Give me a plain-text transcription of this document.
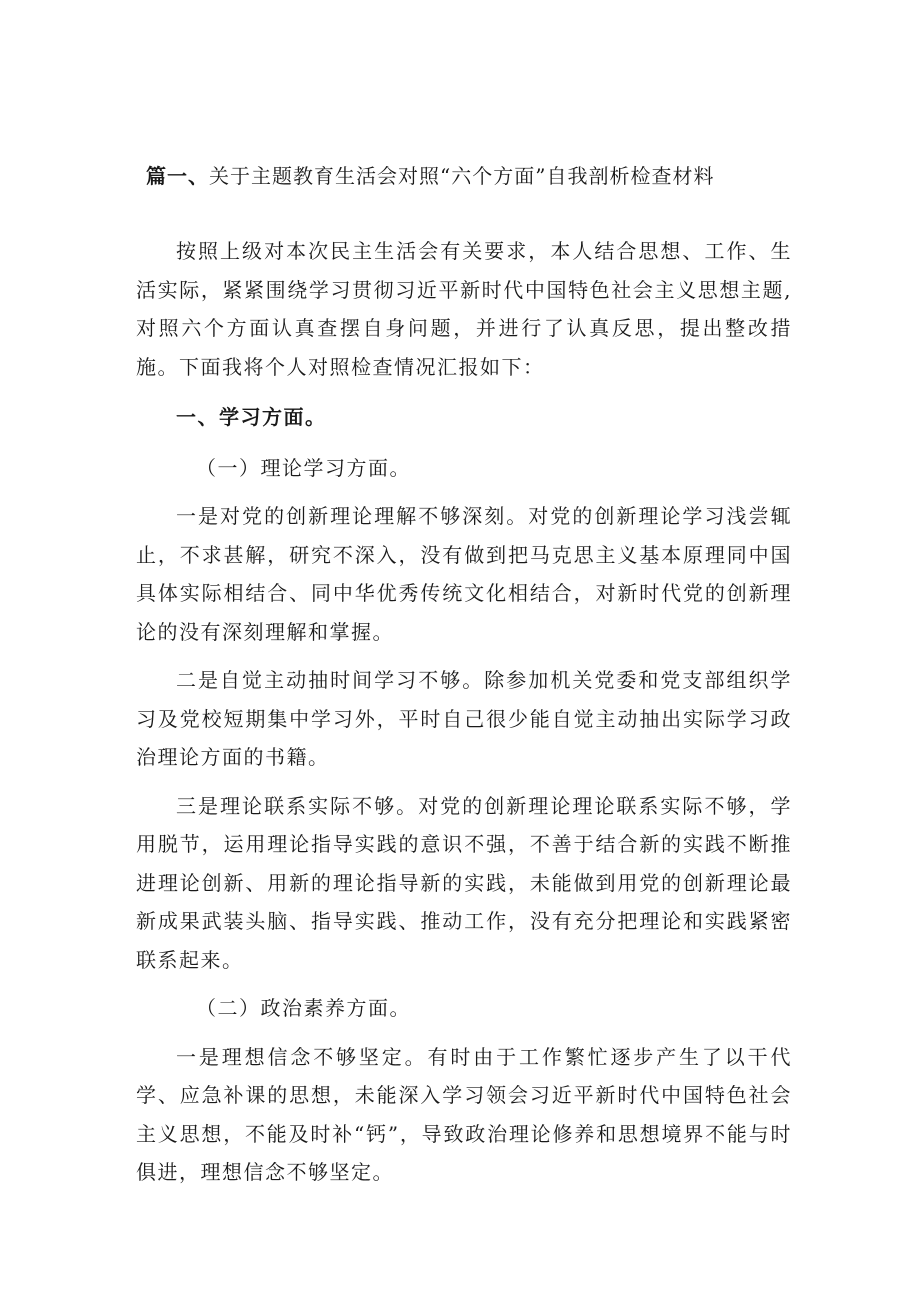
篇一、关于主题教育生活会对照“六个方面”自我剖析检查材料

按照上级对本次民主生活会有关要求，本人结合思想、工作、生活实际，紧紧围绕学习贯彻习近平新时代中国特色社会主义思想主题,对照六个方面认真查摆自身问题，并进行了认真反思，提出整改措施。下面我将个人对照检查情况汇报如下：

一、学习方面。

（一）理论学习方面。

一是对党的创新理论理解不够深刻。对党的创新理论学习浅尝辄止，不求甚解，研究不深入，没有做到把马克思主义基本原理同中国具体实际相结合、同中华优秀传统文化相结合，对新时代党的创新理论的没有深刻理解和掌握。

二是自觉主动抽时间学习不够。除参加机关党委和党支部组织学习及党校短期集中学习外，平时自己很少能自觉主动抽出实际学习政治理论方面的书籍。

三是理论联系实际不够。对党的创新理论理论联系实际不够，学用脱节，运用理论指导实践的意识不强，不善于结合新的实践不断推进理论创新、用新的理论指导新的实践，未能做到用党的创新理论最新成果武装头脑、指导实践、推动工作，没有充分把理论和实践紧密联系起来。

（二）政治素养方面。

一是理想信念不够坚定。有时由于工作繁忙逐步产生了以干代学、应急补课的思想，未能深入学习领会习近平新时代中国特色社会主义思想，不能及时补“钙”，导致政治理论修养和思想境界不能与时俱进，理想信念不够坚定。
